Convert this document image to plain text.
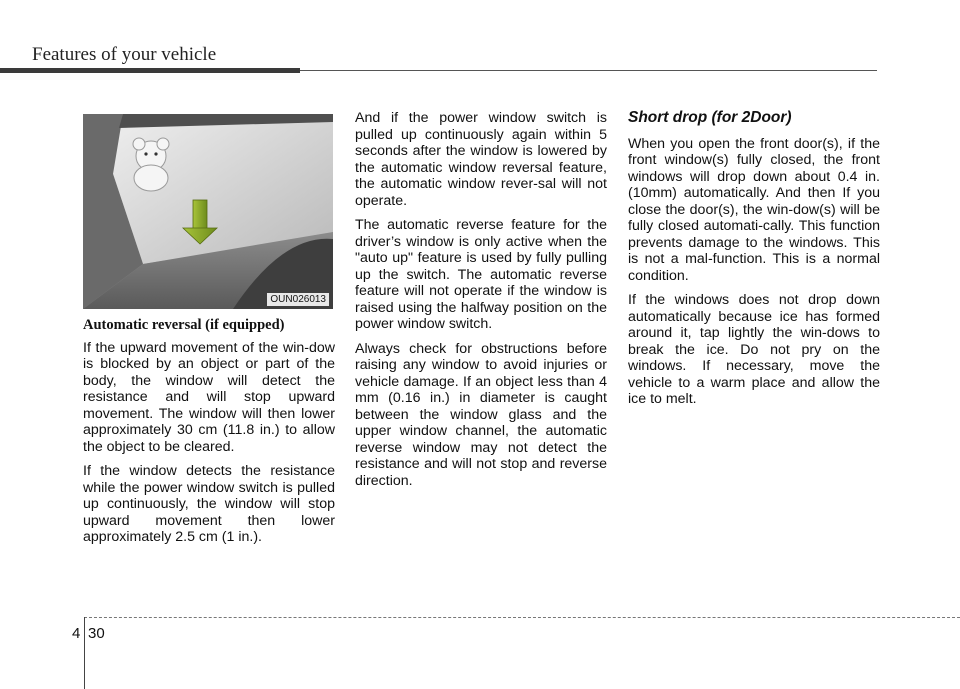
Features of your vehicle
OUN026013
Automatic reversal (if equipped)

If the upward movement of the win-dow is blocked by an object or part of the body, the window will detect the resistance and will stop upward movement. The window will then lower approximately 30 cm (11.8 in.) to allow the object to be cleared.

If the window detects the resistance while the power window switch is pulled up continuously, the window will stop upward movement then lower approximately 2.5 cm (1 in.).

And if the power window switch is pulled up continuously again within 5 seconds after the window is lowered by the automatic window reversal feature, the automatic window rever-sal will not operate.

The automatic reverse feature for the driver’s window is only active when the "auto up" feature is used by fully pulling up the switch. The automatic reverse feature will not operate if the window is raised using the halfway position on the power window switch.

Always check for obstructions before raising any window to avoid injuries or vehicle damage. If an object less than 4 mm (0.16 in.) in diameter is caught between the window glass and the upper window channel, the automatic reverse window may not detect the resistance and will not stop and reverse direction.

Short drop (for 2Door)

When you open the front door(s), if the front window(s) fully closed, the front windows will drop down about 0.4 in.(10mm) automatically. And then If you close the door(s), the win-dow(s) will be fully closed automati-cally. This function prevents damage to the windows. This is not a mal-function. This is a normal condition.

If the windows does not drop down automatically because ice has formed around it, tap lightly the win-dows to break the ice. Do not pry on the windows. If necessary, move the vehicle to a warm place and allow the ice to melt.

4 30
